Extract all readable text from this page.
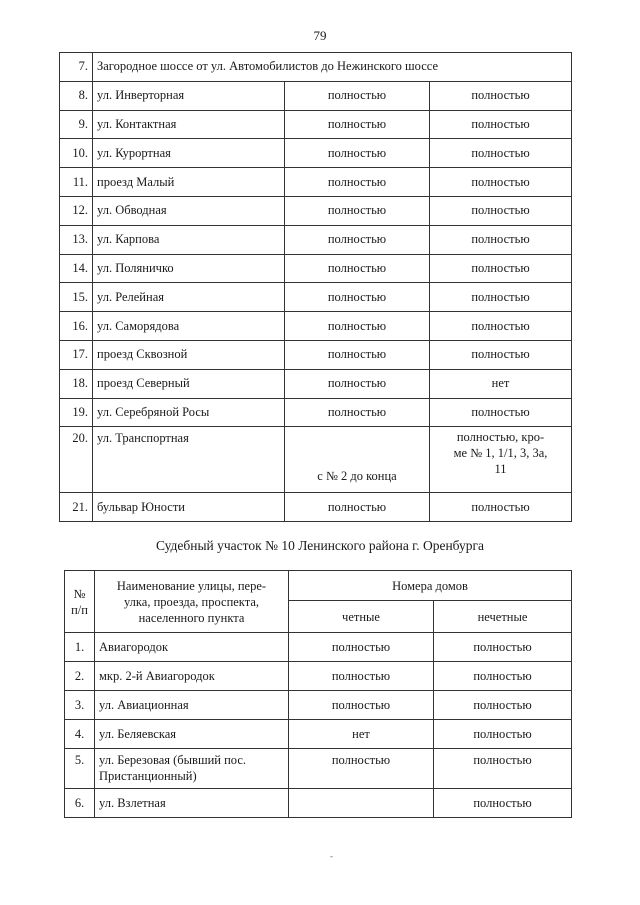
79
7.	Загородное шоссе от ул. Автомобилистов до Нежинского шоссе		
8.	ул. Инверторная	полностью	полностью
9.	ул. Контактная	полностью	полностью
10.	ул. Курортная	полностью	полностью
11.	проезд Малый	полностью	полностью
12.	ул. Обводная	полностью	полностью
13.	ул. Карпова	полностью	полностью
14.	ул. Поляничко	полностью	полностью
15.	ул. Релейная	полностью	полностью
16.	ул. Саморядова	полностью	полностью
17.	проезд Сквозной	полностью	полностью
18.	проезд Северный	полностью	нет
19.	ул. Серебряной Росы	полностью	полностью
20.	ул. Транспортная	с № 2 до конца	полностью, кро-
ме № 1, 1/1, 3, 3а,
11
21.	бульвар Юности	полностью	полностью
Судебный участок № 10 Ленинского района г. Оренбурга
№
п/п	Наименование улицы, пере-
улка, проезда, проспекта,
населенного пункта	Номера домов	
		четные	нечетные
1.	Авиагородок	полностью	полностью
2.	мкр. 2-й Авиагородок	полностью	полностью
3.	ул. Авиационная	полностью	полностью
4.	ул. Беляевская	нет	полностью
5.	ул. Березовая (бывший пос.
Пристанционный)	полностью	полностью
6.	ул. Взлетная		полностью
-
